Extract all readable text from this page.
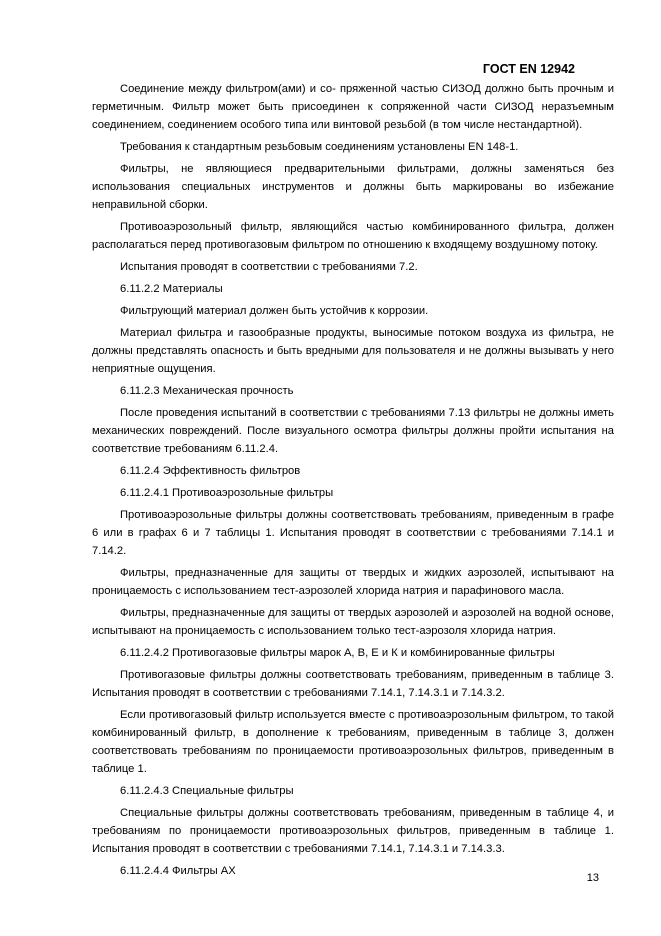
ГОСТ EN 12942

Соединение между фильтром(ами) и со- пряженной частью СИЗОД должно быть прочным и герметичным. Фильтр может быть присоединен к сопряженной части СИЗОД неразъемным соединением, соединением особого типа или винтовой резьбой (в том числе нестандартной).

Требования к стандартным резьбовым соединениям установлены EN 148-1.

Фильтры, не являющиеся предварительными фильтрами, должны заменяться без использования специальных инструментов и должны быть маркированы во избежание неправильной сборки.

Противоаэрозольный фильтр, являющийся частью комбинированного фильтра, должен располагаться перед противогазовым фильтром по отношению к входящему воздушному потоку.

Испытания проводят в соответствии с требованиями 7.2.

6.11.2.2 Материалы

Фильтрующий материал должен быть устойчив к коррозии.

Материал фильтра и газообразные продукты, выносимые потоком воздуха из фильтра, не должны представлять опасность и быть вредными для пользователя и не должны вызывать у него неприятные ощущения.

6.11.2.3 Механическая прочность

После проведения испытаний в соответствии с требованиями 7.13 фильтры не должны иметь механических повреждений. После визуального осмотра фильтры должны пройти испытания на соответствие требованиям 6.11.2.4.

6.11.2.4 Эффективность фильтров

6.11.2.4.1 Противоаэрозольные фильтры

Противоаэрозольные фильтры должны соответствовать требованиям, приведенным в графе 6 или в графах 6 и 7 таблицы 1. Испытания проводят в соответствии с требованиями 7.14.1 и 7.14.2.

Фильтры, предназначенные для защиты от твердых и жидких аэрозолей, испытывают на проницаемость с использованием тест-аэрозолей хлорида натрия и парафинового масла.

Фильтры, предназначенные для защиты от твердых аэрозолей и аэрозолей на водной основе, испытывают на проницаемость с использованием только тест-аэрозоля хлорида натрия.

6.11.2.4.2 Противогазовые фильтры марок А, В, Е и К и комбинированные фильтры

Противогазовые фильтры должны соответствовать требованиям, приведенным в таблице 3. Испытания проводят в соответствии с требованиями 7.14.1, 7.14.3.1 и 7.14.3.2.

Если противогазовый фильтр используется вместе с противоаэрозольным фильтром, то такой комбинированный фильтр, в дополнение к требованиям, приведенным в таблице 3, должен соответствовать требованиям по проницаемости противоаэрозольных фильтров, приведенным в таблице 1.

6.11.2.4.3 Специальные фильтры

Специальные фильтры должны соответствовать требованиям, приведенным в таблице 4, и требованиям по проницаемости противоаэрозольных фильтров, приведенным в таблице 1. Испытания проводят в соответствии с требованиями 7.14.1, 7.14.3.1 и 7.14.3.3.

6.11.2.4.4 Фильтры АХ

13
